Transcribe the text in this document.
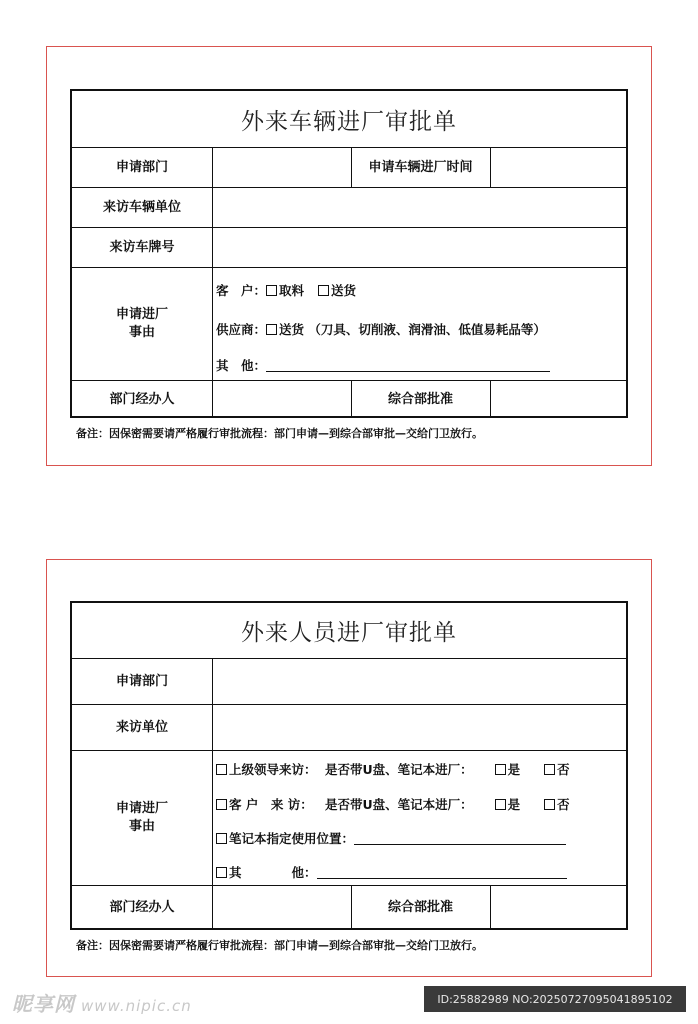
外来车辆进厂审批单
申请部门	申请车辆进厂时间
来访车辆单位
来访车牌号
申请进厂
事由
客　户： 取料 送货
供应商： 送货 （刀具、切削液、润滑油、低值易耗品等）
其　他：
部门经办人	综合部批准
备注：因保密需要请严格履行审批流程：部门申请—到综合部审批—交给门卫放行。
外来人员进厂审批单
申请部门
来访单位
申请进厂
事由
上级领导来访： 是否带U盘、笔记本进厂：	是	否
客 户　来 访： 是否带U盘、笔记本进厂：	是	否
笔记本指定使用位置：
其	他：
部门经办人	综合部批准
备注：因保密需要请严格履行审批流程：部门申请—到综合部审批—交给门卫放行。
昵享网 www.nipic.cn	ID:25882989 NO:20250727095041895102
